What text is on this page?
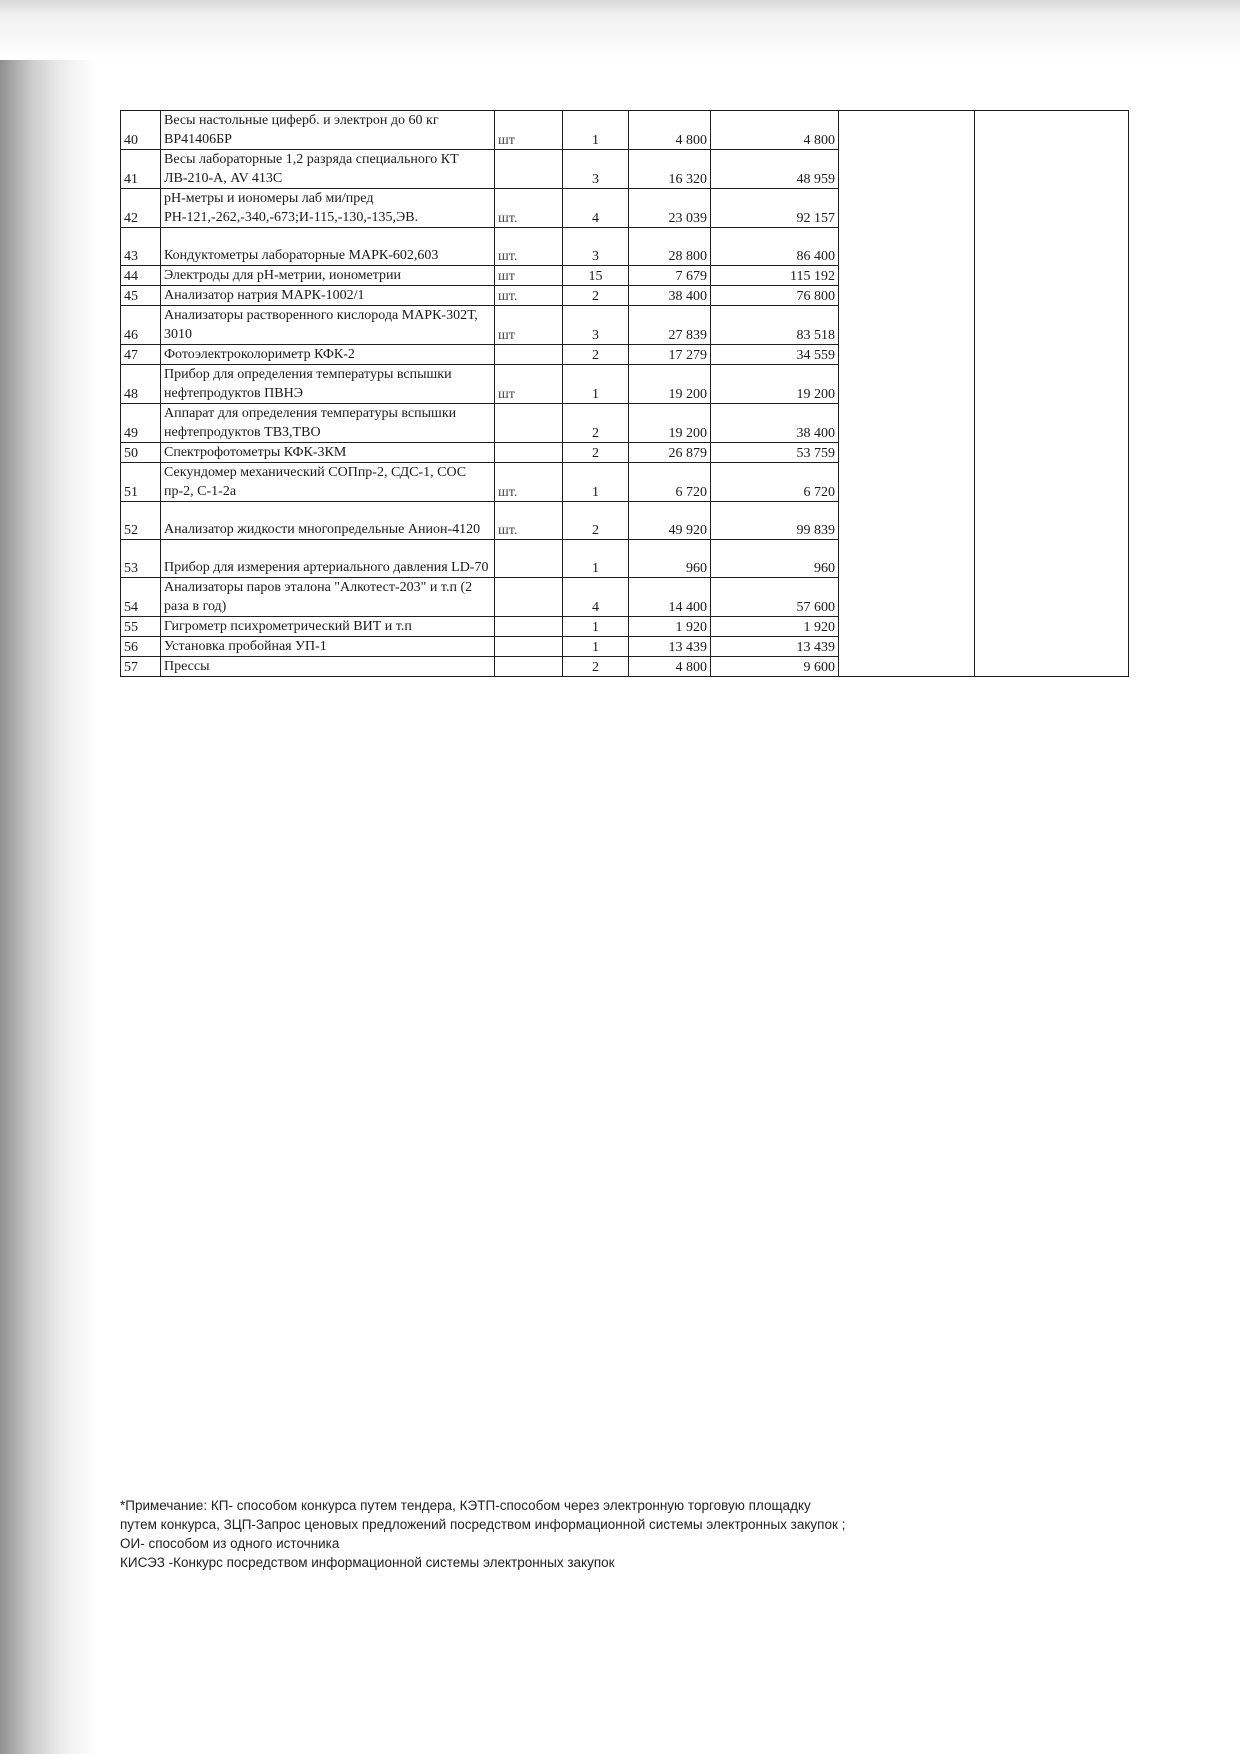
40	Весы настольные циферб. и электрон до 60 кг ВР41406БР	шт	1	4 800	4 800		
41	Весы лабораторные 1,2 разряда специального КТ ЛВ-210-А, AV 413C		3	16 320	48 959		
42	pH-метры и иономеры лаб ми/пред РН-121,-262,-340,-673;И-115,-130,-135,ЭВ.	шт.	4	23 039	92 157		
43	Кондуктометры лабораторные МАРК-602,603	шт.	3	28 800	86 400		
44	Электроды для pH-метрии, ионометрии	шт	15	7 679	115 192		
45	Анализатор натрия МАРК-1002/1	шт.	2	38 400	76 800		
46	Анализаторы растворенного кислорода МАРК-302Т, 3010	шт	3	27 839	83 518		
47	Фотоэлектроколориметр КФК-2		2	17 279	34 559		
48	Прибор для определения температуры вспышки нефтепродуктов ПВНЭ	шт	1	19 200	19 200		
49	Аппарат для определения температуры вспышки нефтепродуктов ТВЗ,ТВО		2	19 200	38 400		
50	Спектрофотометры КФК-3КМ		2	26 879	53 759		
51	Секундомер механический СОПпр-2, СДС-1, СОС пр-2, С-1-2а	шт.	1	6 720	6 720		
52	Анализатор жидкости многопредельные Анион-4120	шт.	2	49 920	99 839		
53	Прибор для измерения артериального давления LD-70		1	960	960		
54	Анализаторы паров эталона "Алкотест-203" и т.п (2 раза в год)		4	14 400	57 600		
55	Гигрометр психрометрический ВИТ и т.п		1	1 920	1 920		
56	Установка пробойная УП-1		1	13 439	13 439		
57	Прессы		2	4 800	9 600		
*Примечание: КП- способом конкурса путем тендера, КЭТП-способом через электронную торговую площадку
путем конкурса, ЗЦП-Запрос ценовых предложений посредством информационной системы электронных закупок ;
ОИ- способом из одного источника
КИСЭЗ -Конкурс посредством информационной системы электронных закупок
